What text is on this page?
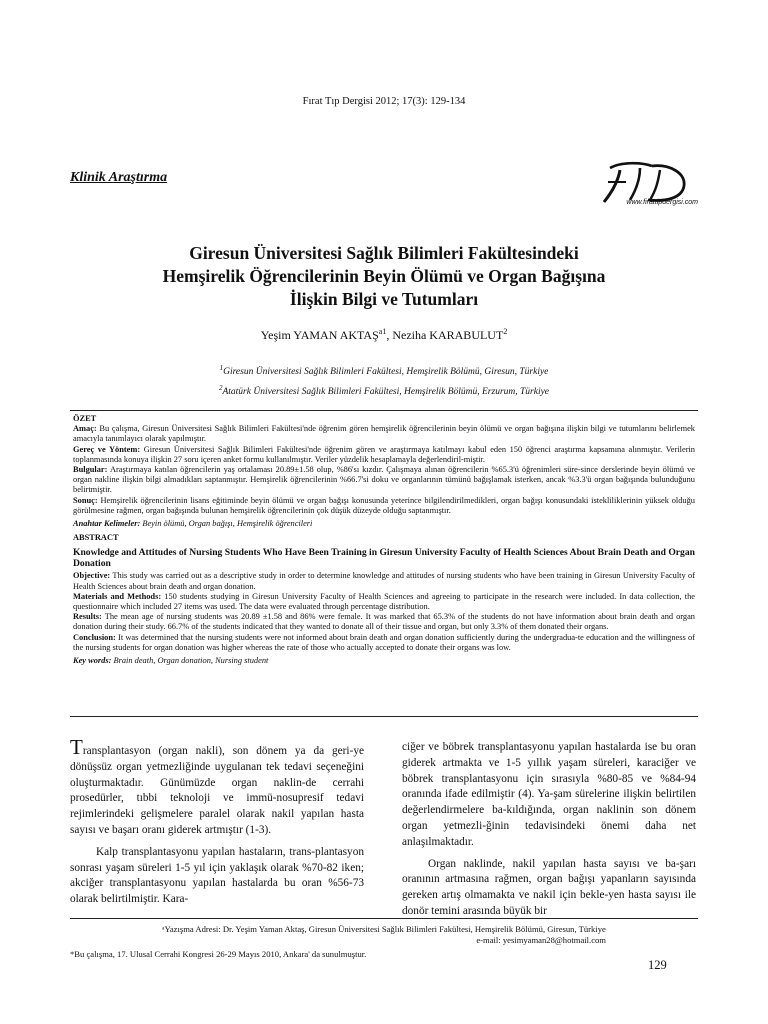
Fırat Tıp Dergisi 2012; 17(3): 129-134
Klinik Araştırma
www.firattipdergisi.com
Giresun Üniversitesi Sağlık Bilimleri Fakültesindeki
Hemşirelik Öğrencilerinin Beyin Ölümü ve Organ Bağışına
İlişkin Bilgi ve Tutumları
Yeşim YAMAN $AKTAŞ^{a1}$, Neziha KARABULUT$^2$
$^1$Giresun Üniversitesi Sağlık Bilimleri Fakültesi, Hemşirelik Bölümü, Giresun, Türkiye
$^2$Atatürk Üniversitesi Sağlık Bilimleri Fakültesi, Hemşirelik Bölümü, Erzurum, Türkiye

ÖZET

Amaç: Bu çalışma, Giresun Üniversitesi Sağlık Bilimleri Fakültesi'nde öğrenim gören hemşirelik öğrencilerinin beyin ölümü ve organ bağışına ilişkin bilgi ve tutumlarını belirlemek amacıyla tanımlayıcı olarak yapılmıştır.

Gereç ve Yöntem: Giresun Üniversitesi Sağlık Bilimleri Fakültesi'nde öğrenim gören ve araştırmaya katılmayı kabul eden 150 öğrenci araştırma kapsamına alınmıştır. Verilerin toplanmasında konuya ilişkin 27 soru içeren anket formu kullanılmıştır. Veriler yüzdelik hesaplamayla değerlendiril-miştir.

Bulgular: Araştırmaya katılan öğrencilerin yaş ortalaması 20.89±1.58 olup, %86'sı kızdır. Çalışmaya alınan öğrencilerin %65.3'ü öğrenimleri süre-since derslerinde beyin ölümü ve organ nakline ilişkin bilgi almadıkları saptanmıştır. Hemşirelik öğrencilerinin %66.7'si doku ve organlarının tümünü bağışlamak isterken, ancak %3.3'ü organ bağışında bulunduğunu belirtmiştir.

Sonuç: Hemşirelik öğrencilerinin lisans eğitiminde beyin ölümü ve organ bağışı konusunda yeterince bilgilendirilmedikleri, organ bağışı konusundaki istekliliklerinin yüksek olduğu görülmesine rağmen, organ bağışında bulunan hemşirelik öğrencilerinin çok düşük düzeyde olduğu saptanmıştır.

Anahtar Kelimeler: Beyin ölümü, Organ bağışı, Hemşirelik öğrencileri

ABSTRACT

Knowledge and Attitudes of Nursing Students Who Have Been Training in Giresun University Faculty of Health Sciences About Brain Death and Organ Donation

Objective: This study was carried out as a descriptive study in order to determine knowledge and attitudes of nursing students who have been training in Giresun University Faculty of Health Sciences about brain death and organ donation.

Materials and Methods: 150 students studying in Giresun University Faculty of Health Sciences and agreeing to participate in the research were included. In data collection, the questionnaire which included 27 items was used. The data were evaluated through percentage distribution.

Results: The mean age of nursing students was 20.89 ±1.58 and 86% were female. It was marked that 65.3% of the students do not have information about brain death and organ donation during their study. 66.7% of the students indicated that they wanted to donate all of their tissue and organ, but only 3.3% of them donated their organs.

Conclusion: It was determined that the nursing students were not informed about brain death and organ donation sufficiently during the undergradua-te education and the willingness of the nursing students for organ donation was higher whereas the rate of those who actually accepted to donate their organs was low.

Key words: Brain death, Organ donation, Nursing student

Transplantasyon (organ nakli), son dönem ya da geri-ye dönüşsüz organ yetmezliğinde uygulanan tek tedavi seçeneğini oluşturmaktadır. Günümüzde organ naklin-de cerrahi prosedürler, tıbbi teknoloji ve immü-nosupresif tedavi rejimlerindeki gelişmelere paralel olarak nakil yapılan hasta sayısı ve başarı oranı giderek artmıştır (1-3).

Kalp transplantasyonu yapılan hastaların, trans-plantasyon sonrası yaşam süreleri 1-5 yıl için yaklaşık olarak %70-82 iken; akciğer transplantasyonu yapılan hastalarda bu oran %56-73 olarak belirtilmiştir. Kara-

ciğer ve böbrek transplantasyonu yapılan hastalarda ise bu oran giderek artmakta ve 1-5 yıllık yaşam süreleri, karaciğer ve böbrek transplantasyonu için sırasıyla %80-85 ve %84-94 oranında ifade edilmiştir (4). Ya-şam sürelerine ilişkin belirtilen değerlendirmelere ba-kıldığında, organ naklinin son dönem organ yetmezli-ğinin tedavisindeki önemi daha net anlaşılmaktadır.

Organ naklinde, nakil yapılan hasta sayısı ve ba-şarı oranının artmasına rağmen, organ bağışı yapanların sayısında gereken artış olmamakta ve nakil için bekle-yen hasta sayısı ile donör temini arasında büyük bir

ᵃYazışma Adresi: Dr. Yeşim Yaman Aktaş, Giresun Üniversitesi Sağlık Bilimleri Fakültesi, Hemşirelik Bölümü, Giresun, Türkiye

e-mail: yesimyaman28@hotmail.com

*Bu çalışma, 17. Ulusal Cerrahi Kongresi 26-29 Mayıs 2010, Ankara' da sunulmuştur.

129
